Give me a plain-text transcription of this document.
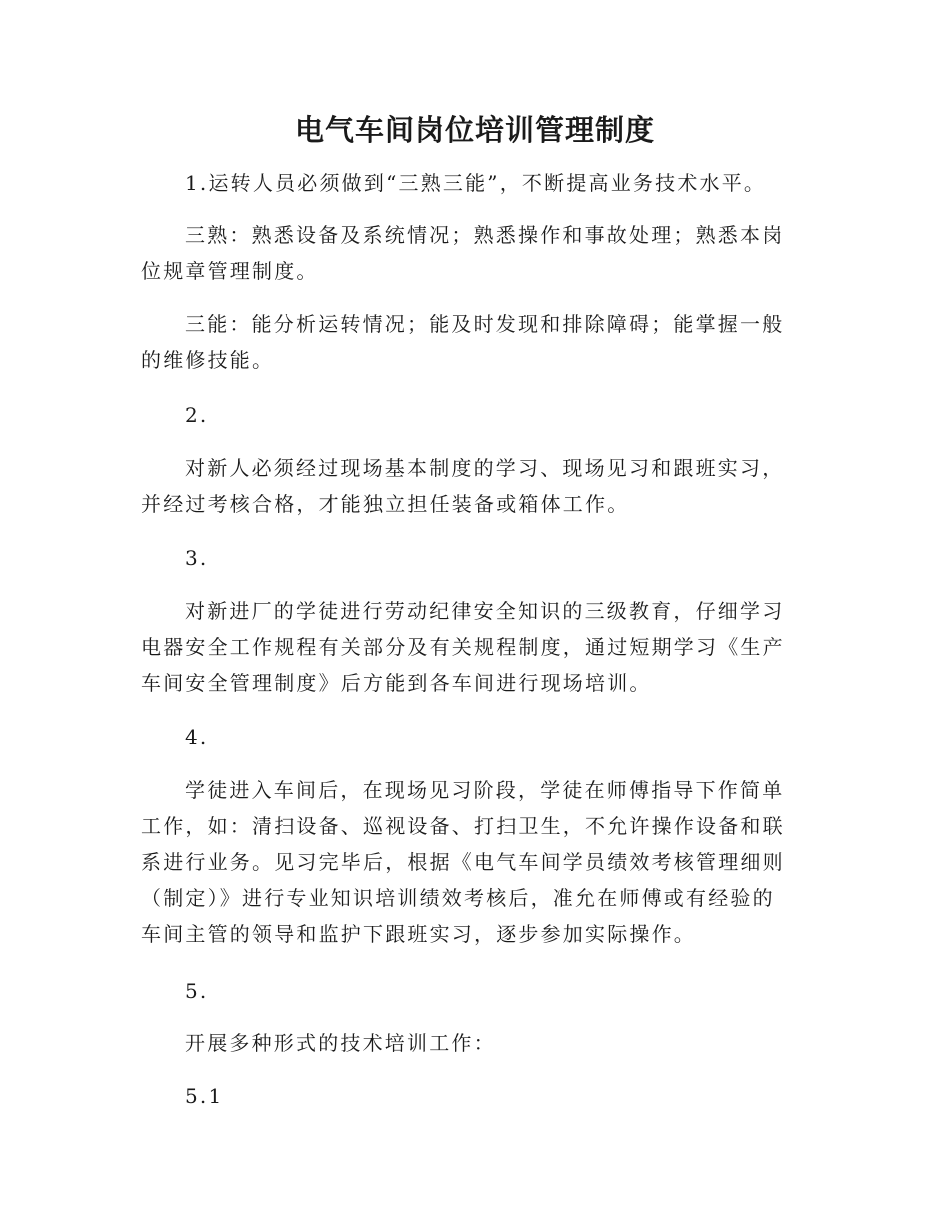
电气车间岗位培训管理制度

1.运转人员必须做到“三熟三能”，不断提高业务技术水平。

三熟：熟悉设备及系统情况；熟悉操作和事故处理；熟悉本岗位规章管理制度。

三能：能分析运转情况；能及时发现和排除障碍；能掌握一般的维修技能。

2.

对新人必须经过现场基本制度的学习、现场见习和跟班实习，并经过考核合格，才能独立担任装备或箱体工作。

3.

对新进厂的学徒进行劳动纪律安全知识的三级教育，仔细学习电器安全工作规程有关部分及有关规程制度，通过短期学习《生产车间安全管理制度》后方能到各车间进行现场培训。

4.

学徒进入车间后，在现场见习阶段，学徒在师傅指导下作简单工作，如：清扫设备、巡视设备、打扫卫生，不允许操作设备和联系进行业务。见习完毕后，根据《电气车间学员绩效考核管理细则（制定）》进行专业知识培训绩效考核后，准允在师傅或有经验的车间主管的领导和监护下跟班实习，逐步参加实际操作。

5.

开展多种形式的技术培训工作：

5.1
